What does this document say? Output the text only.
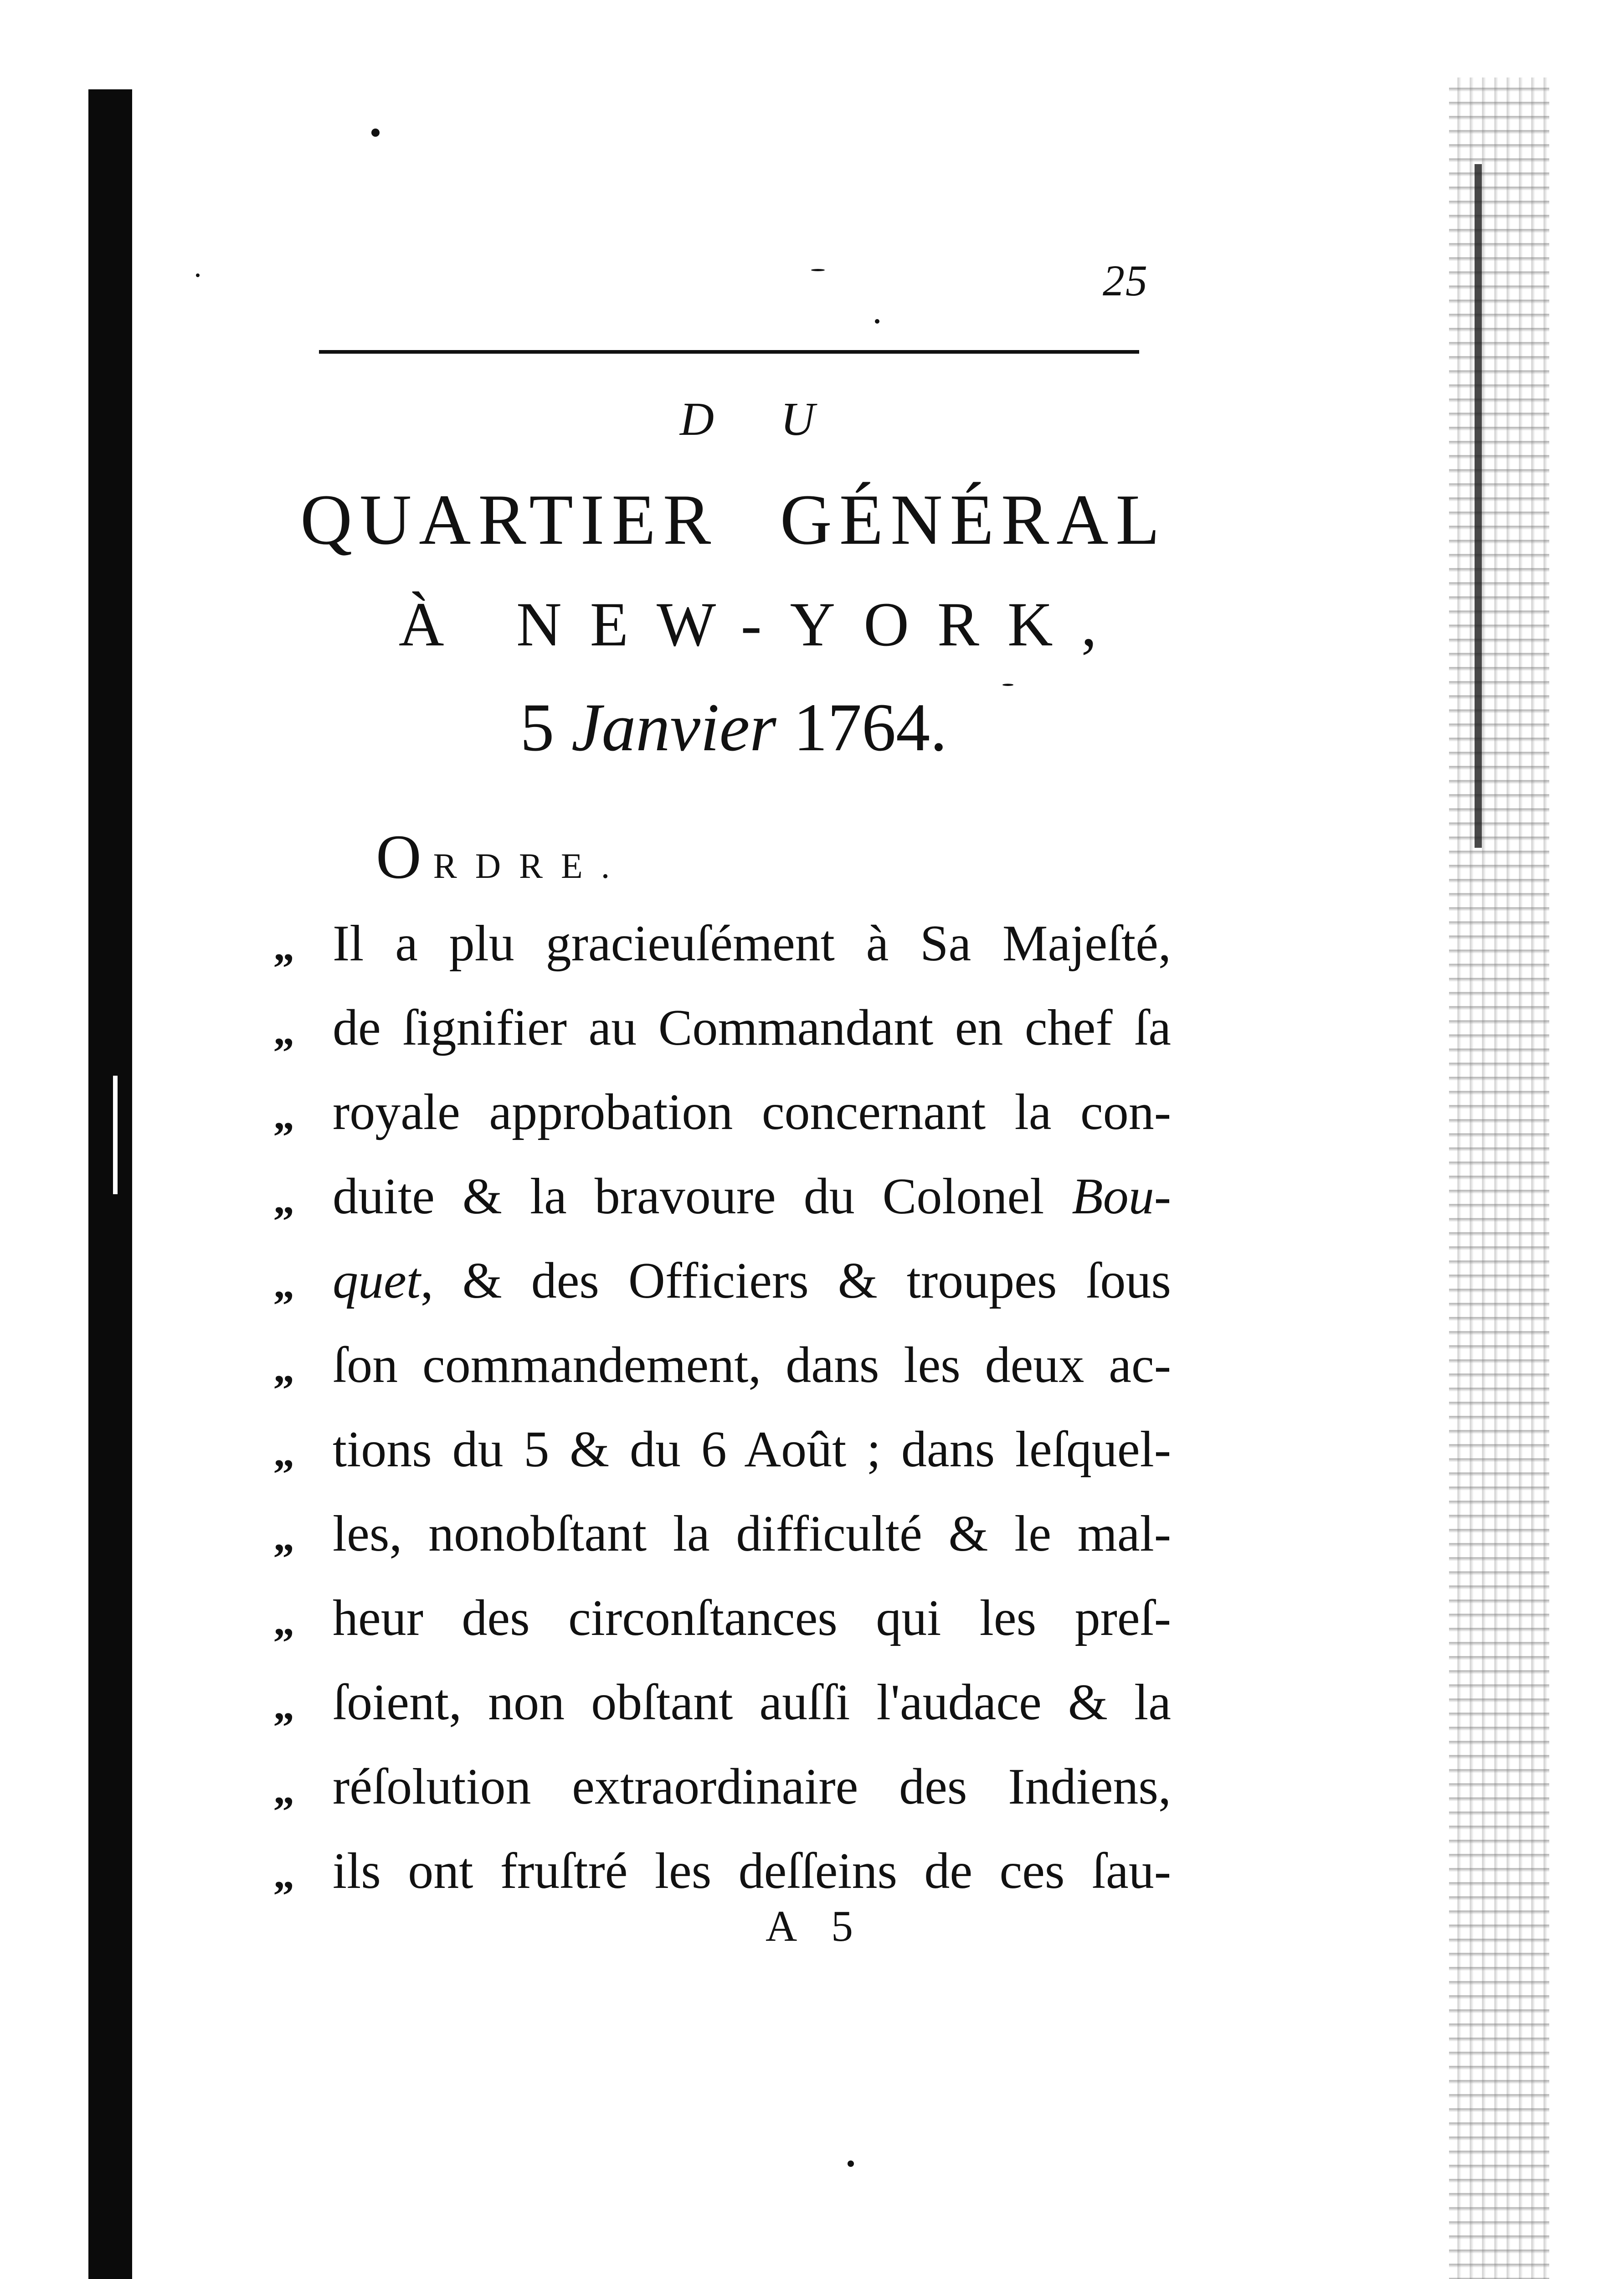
25
D U
QUARTIER GÉNÉRAL
À NEW-YORK,
5 Janvier 1764.
ORDRE.
„ Il a plu gracieuſément à Sa Majeſté,
„ de ſignifier au Commandant en chef ſa
„ royale approbation concernant la con-
„ duite & la bravoure du Colonel Bou-
„ quet, & des Officiers & troupes ſous
„ ſon commandement, dans les deux ac-
„ tions du 5 & du 6 Août ; dans leſquel-
„ les, nonobſtant la difficulté & le mal-
„ heur des circonſtances qui les preſ-
„ ſoient, non obſtant auſſi l'audace & la
„ réſolution extraordinaire des Indiens,
„ ils ont fruſtré les deſſeins de ces ſau-
A 5
